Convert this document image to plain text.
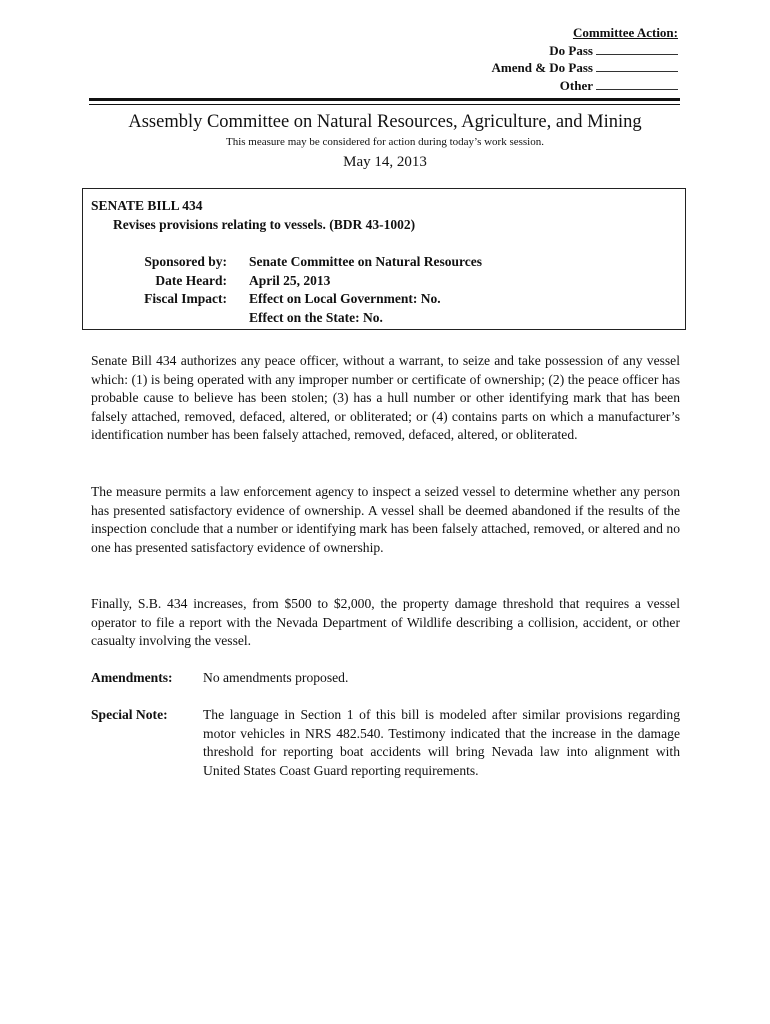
Committee Action:
Do Pass
Amend & Do Pass
Other
Assembly Committee on Natural Resources, Agriculture, and Mining
This measure may be considered for action during today’s work session.
May 14, 2013
SENATE BILL 434
Revises provisions relating to vessels. (BDR 43-1002)
Sponsored by: Senate Committee on Natural Resources
Date Heard: April 25, 2013
Fiscal Impact: Effect on Local Government: No.
Effect on the State: No.
Senate Bill 434 authorizes any peace officer, without a warrant, to seize and take possession of any vessel which: (1) is being operated with any improper number or certificate of ownership; (2) the peace officer has probable cause to believe has been stolen; (3) has a hull number or other identifying mark that has been falsely attached, removed, defaced, altered, or obliterated; or (4) contains parts on which a manufacturer’s identification number has been falsely attached, removed, defaced, altered, or obliterated.
The measure permits a law enforcement agency to inspect a seized vessel to determine whether any person has presented satisfactory evidence of ownership. A vessel shall be deemed abandoned if the results of the inspection conclude that a number or identifying mark has been falsely attached, removed, or altered and no one has presented satisfactory evidence of ownership.
Finally, S.B. 434 increases, from $500 to $2,000, the property damage threshold that requires a vessel operator to file a report with the Nevada Department of Wildlife describing a collision, accident, or other casualty involving the vessel.
Amendments: No amendments proposed.
Special Note:	The language in Section 1 of this bill is modeled after similar provisions regarding motor vehicles in NRS 482.540. Testimony indicated that the increase in the damage threshold for reporting boat accidents will bring Nevada law into alignment with United States Coast Guard reporting requirements.
